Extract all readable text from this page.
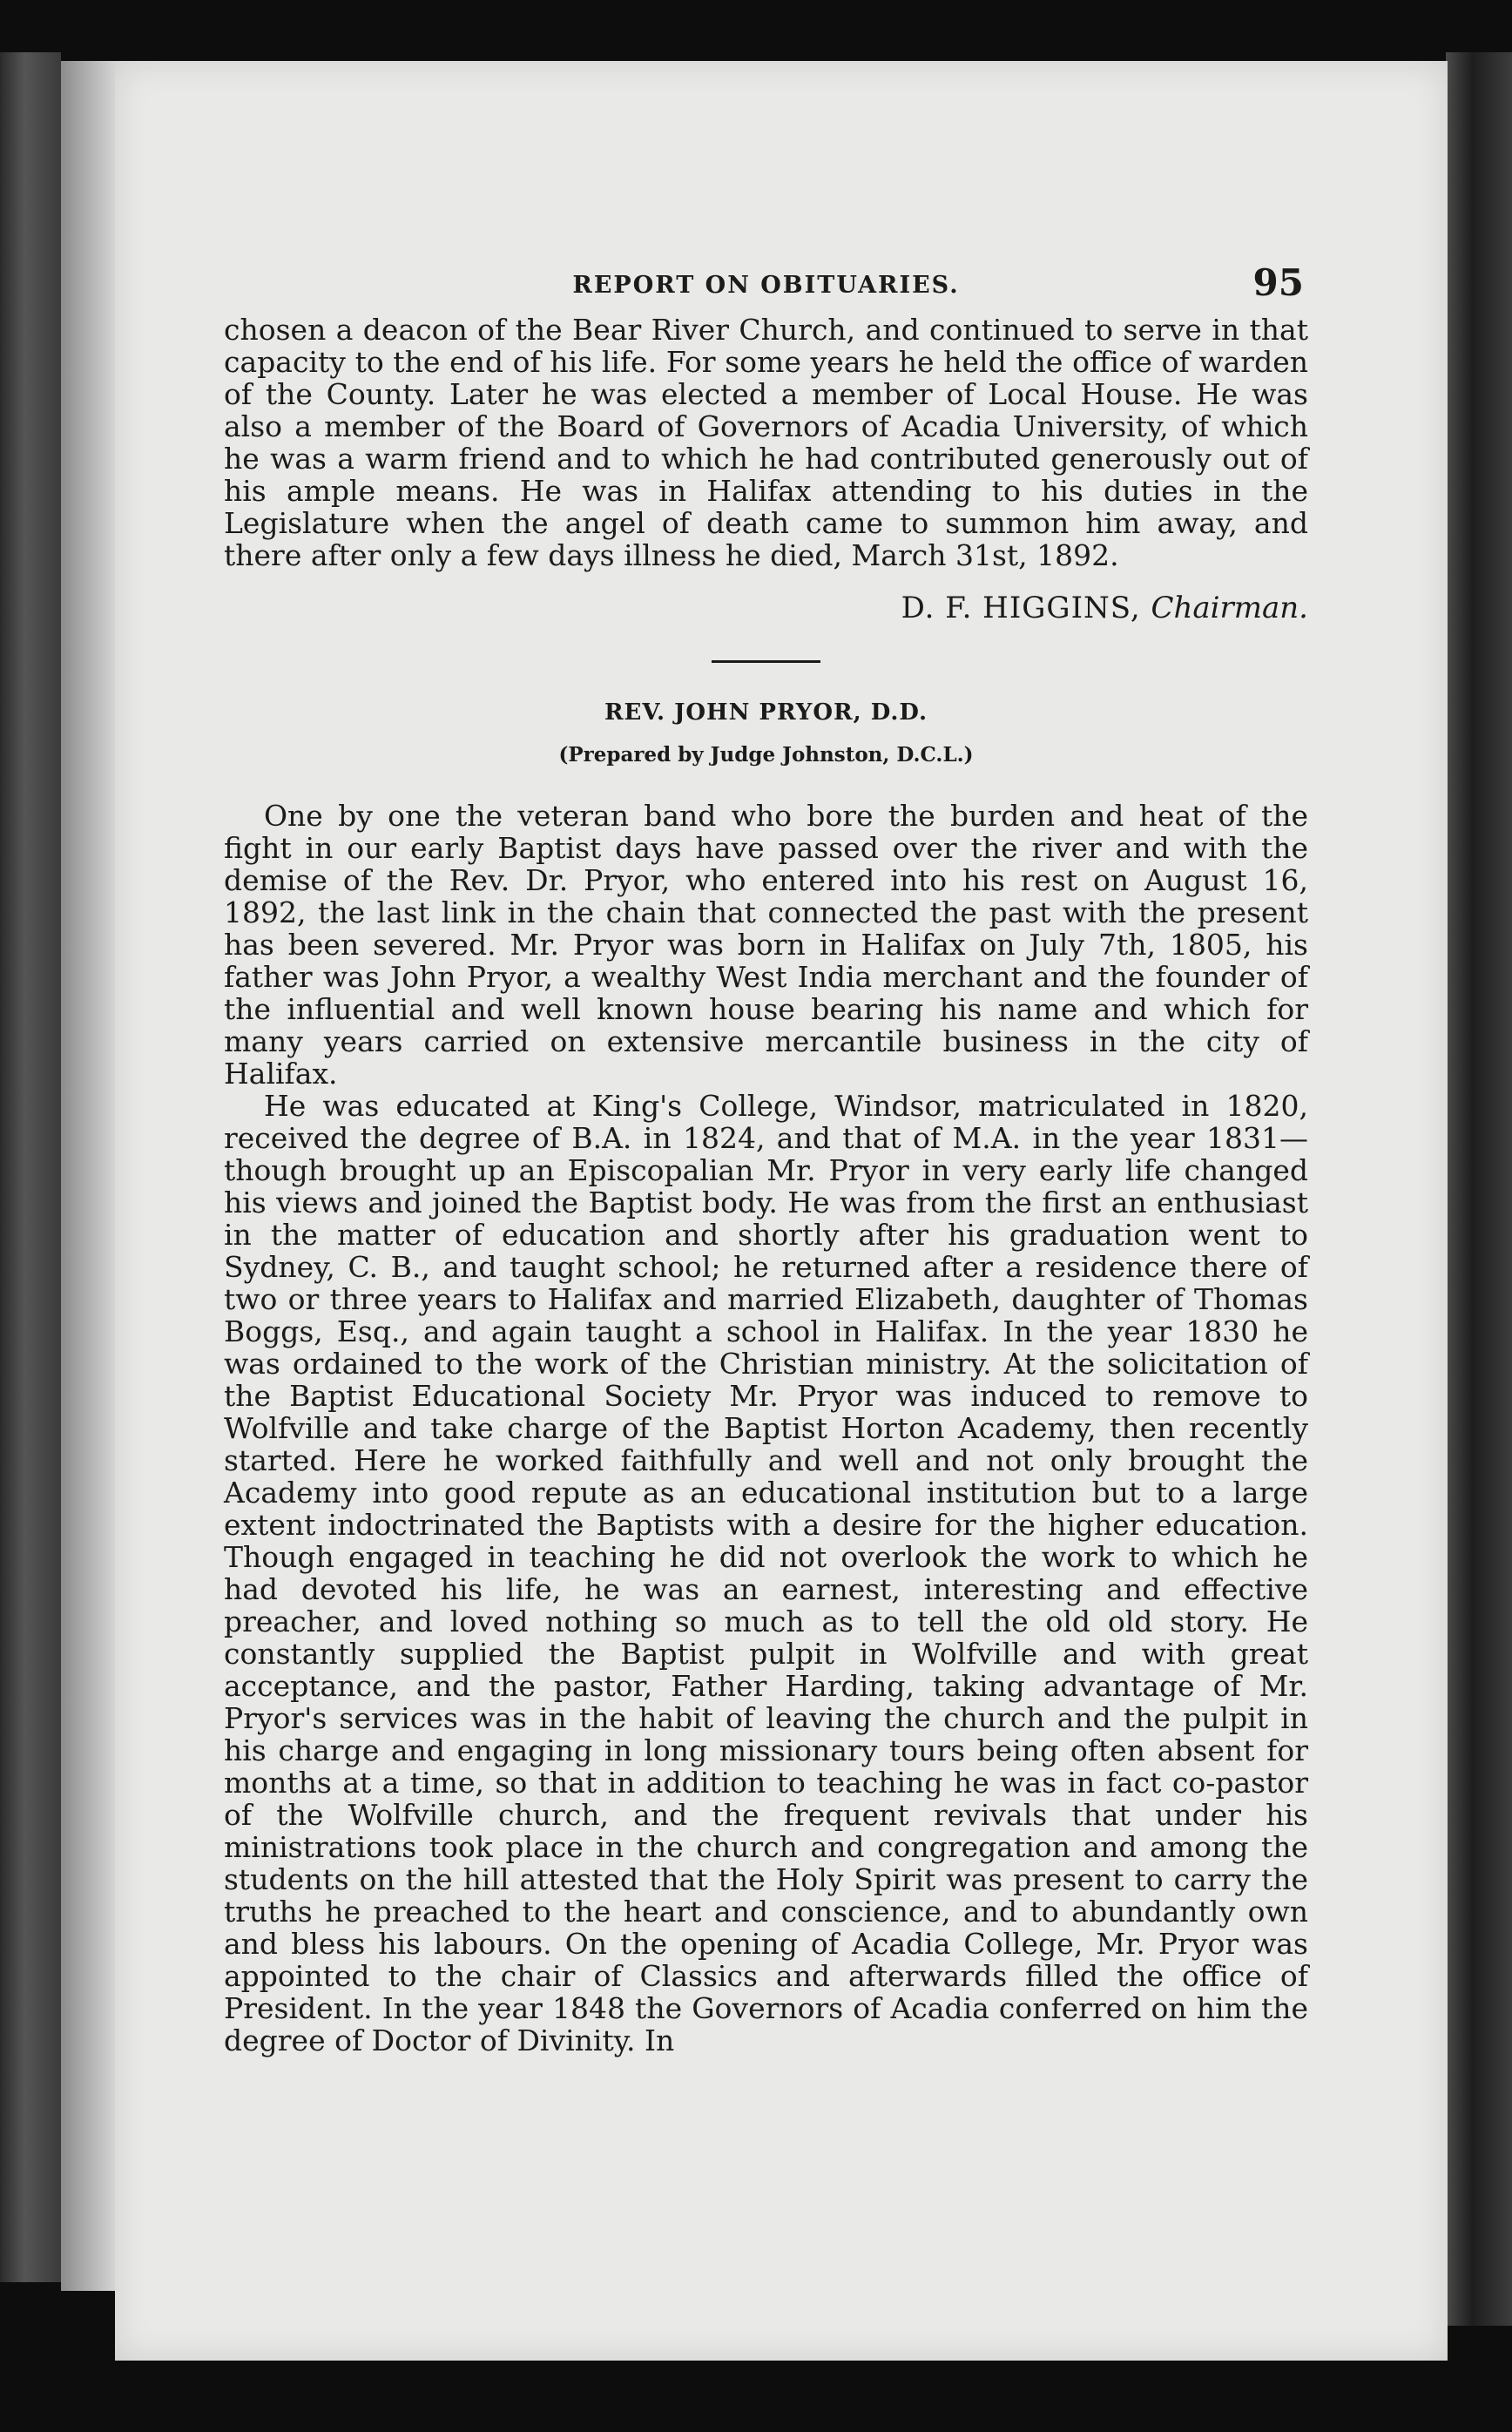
REPORT ON OBITUARIES.	95

chosen a deacon of the Bear River Church, and continued to serve in that capacity to the end of his life. For some years he held the office of warden of the County. Later he was elected a member of Local House. He was also a member of the Board of Governors of Acadia University, of which he was a warm friend and to which he had contributed generously out of his ample means. He was in Halifax attending to his duties in the Legislature when the angel of death came to summon him away, and there after only a few days illness he died, March 31st, 1892.

D. F. HIGGINS, Chairman.
REV. JOHN PRYOR, D.D.
(Prepared by Judge Johnston, D.C.L.)

One by one the veteran band who bore the burden and heat of the fight in our early Baptist days have passed over the river and with the demise of the Rev. Dr. Pryor, who entered into his rest on August 16, 1892, the last link in the chain that connected the past with the present has been severed. Mr. Pryor was born in Halifax on July 7th, 1805, his father was John Pryor, a wealthy West India merchant and the founder of the influential and well known house bearing his name and which for many years carried on extensive mercantile business in the city of Halifax.

He was educated at King's College, Windsor, matriculated in 1820, received the degree of B.A. in 1824, and that of M.A. in the year 1831—though brought up an Episcopalian Mr. Pryor in very early life changed his views and joined the Baptist body. He was from the first an enthusiast in the matter of education and shortly after his graduation went to Sydney, C. B., and taught school; he returned after a residence there of two or three years to Halifax and married Elizabeth, daughter of Thomas Boggs, Esq., and again taught a school in Halifax. In the year 1830 he was ordained to the work of the Christian ministry. At the solicitation of the Baptist Educational Society Mr. Pryor was induced to remove to Wolfville and take charge of the Baptist Horton Academy, then recently started. Here he worked faithfully and well and not only brought the Academy into good repute as an educational institution but to a large extent indoctrinated the Baptists with a desire for the higher education. Though engaged in teaching he did not overlook the work to which he had devoted his life, he was an earnest, interesting and effective preacher, and loved nothing so much as to tell the old old story. He constantly supplied the Baptist pulpit in Wolfville and with great acceptance, and the pastor, Father Harding, taking advantage of Mr. Pryor's services was in the habit of leaving the church and the pulpit in his charge and engaging in long missionary tours being often absent for months at a time, so that in addition to teaching he was in fact co-pastor of the Wolfville church, and the frequent revivals that under his ministrations took place in the church and congregation and among the students on the hill attested that the Holy Spirit was present to carry the truths he preached to the heart and conscience, and to abundantly own and bless his labours. On the opening of Acadia College, Mr. Pryor was appointed to the chair of Classics and afterwards filled the office of President. In the year 1848 the Governors of Acadia conferred on him the degree of Doctor of Divinity. In
